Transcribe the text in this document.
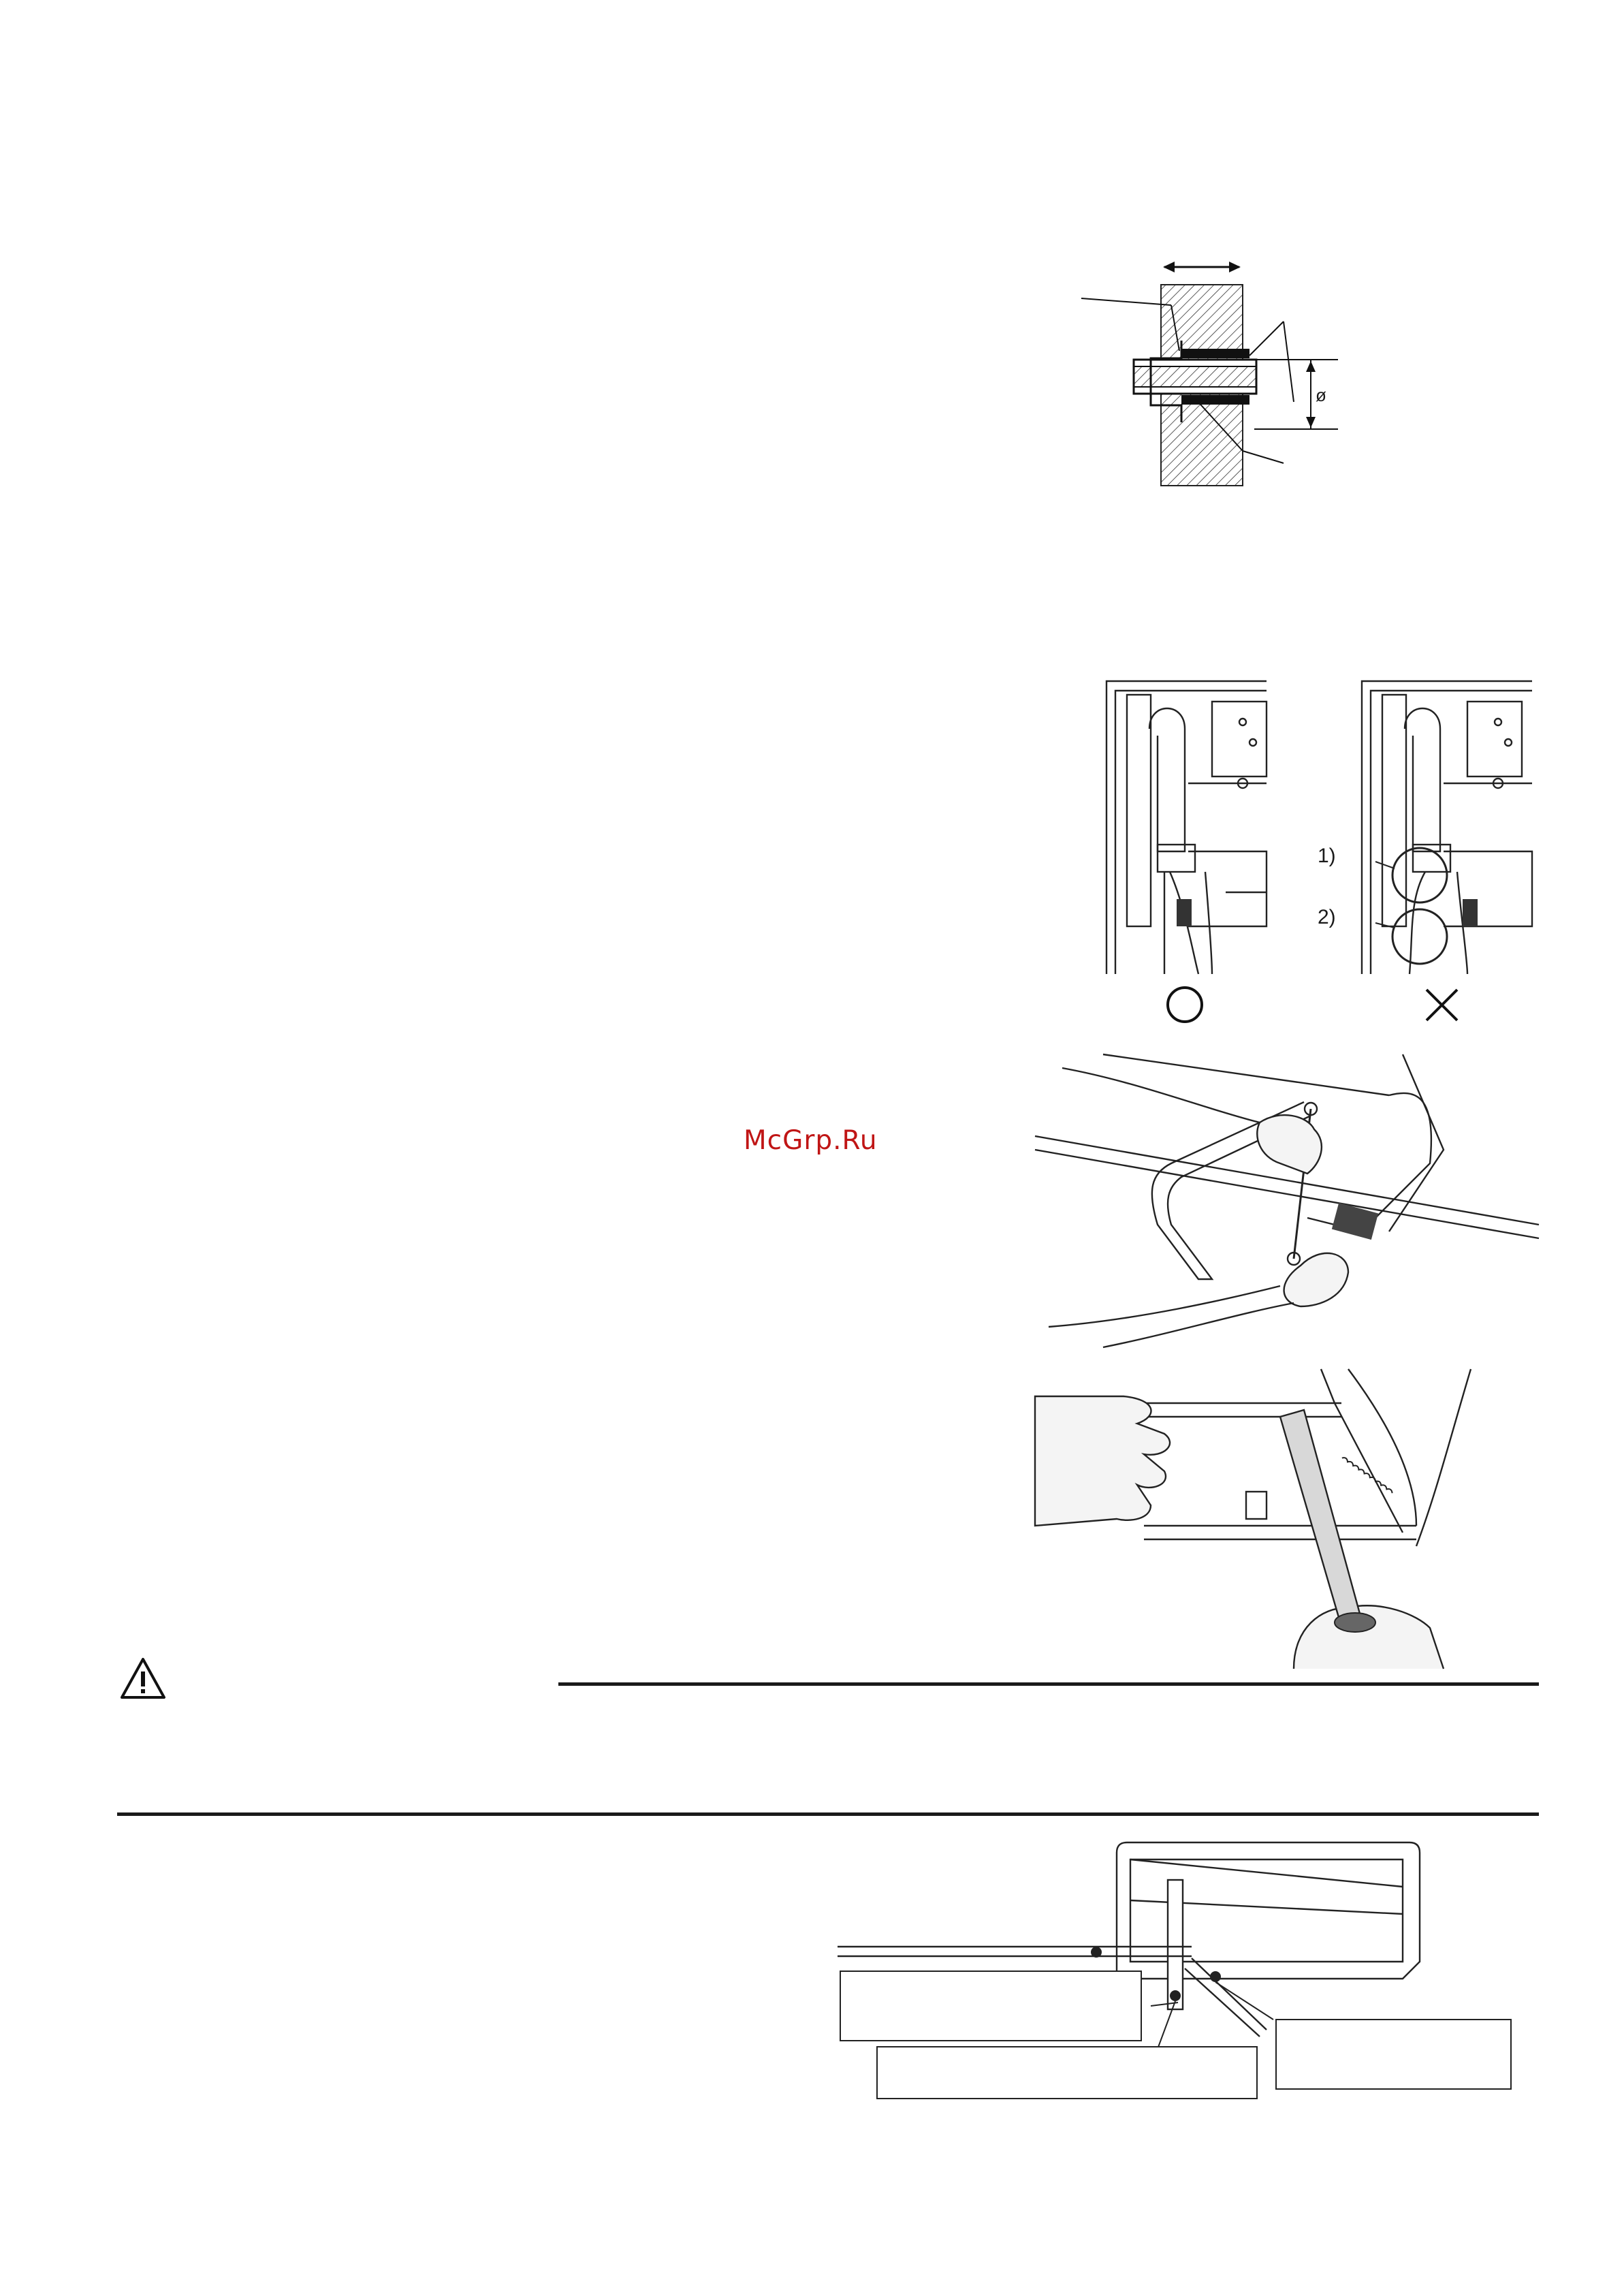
ø
1)
2)
McGrp.Ru
